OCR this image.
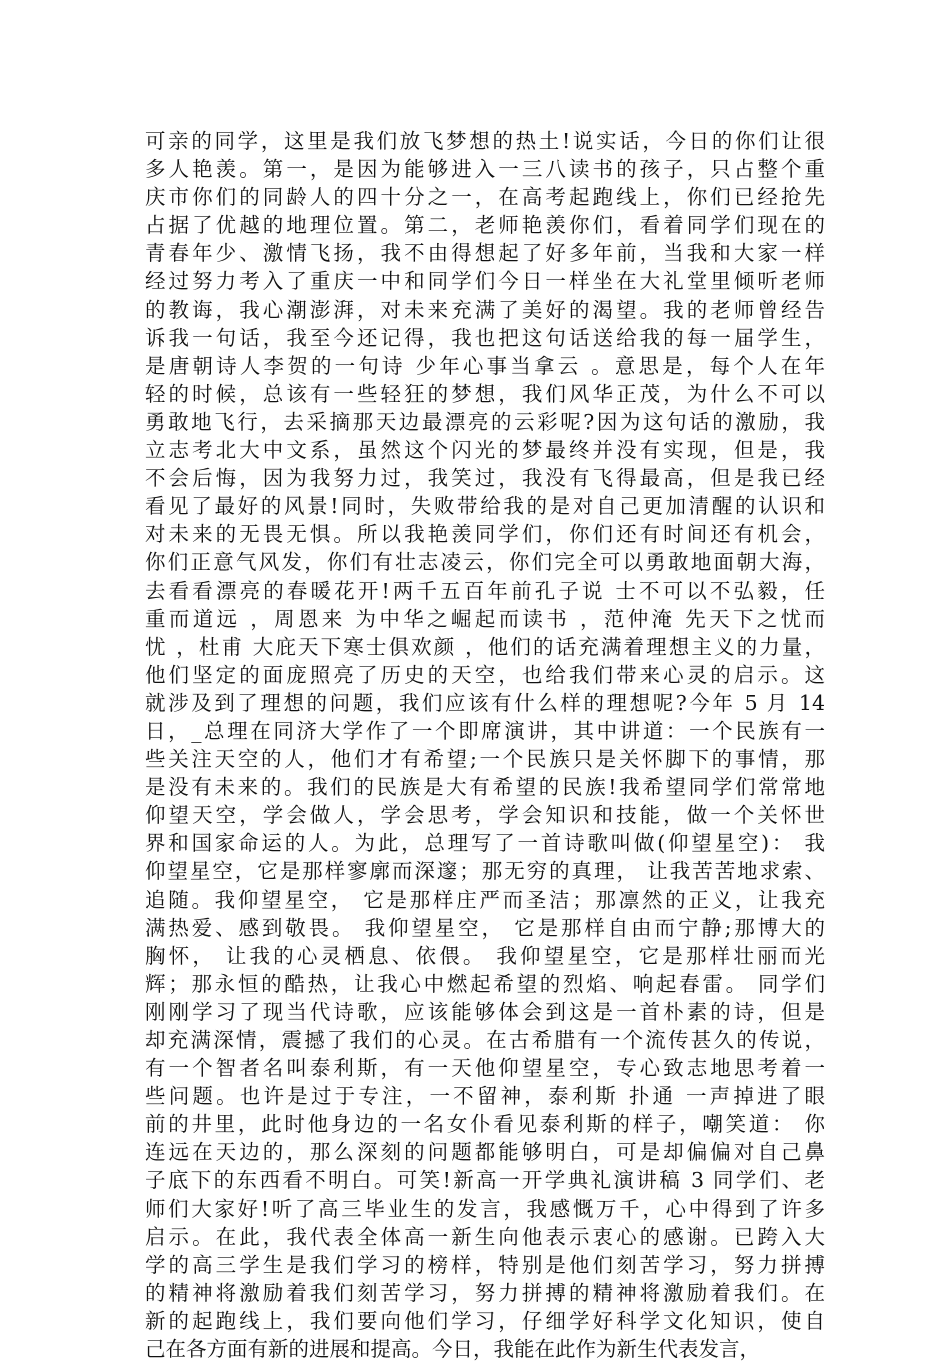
可亲的同学，这里是我们放飞梦想的热土!说实话，今日的你们让很
多人艳羡。第一，是因为能够进入一三八读书的孩子，只占整个重
庆市你们的同龄人的四十分之一，在高考起跑线上，你们已经抢先
占据了优越的地理位置。第二，老师艳羡你们，看着同学们现在的
青春年少、激情飞扬，我不由得想起了好多年前，当我和大家一样
经过努力考入了重庆一中和同学们今日一样坐在大礼堂里倾听老师
的教诲，我心潮澎湃，对未来充满了美好的渴望。我的老师曾经告
诉我一句话，我至今还记得，我也把这句话送给我的每一届学生，
是唐朝诗人李贺的一句诗 少年心事当拿云 。意思是，每个人在年
轻的时候，总该有一些轻狂的梦想，我们风华正茂，为什么不可以
勇敢地飞行，去采摘那天边最漂亮的云彩呢?因为这句话的激励，我
立志考北大中文系，虽然这个闪光的梦最终并没有实现，但是，我
不会后悔，因为我努力过，我笑过，我没有飞得最高，但是我已经
看见了最好的风景!同时，失败带给我的是对自己更加清醒的认识和
对未来的无畏无惧。所以我艳羡同学们，你们还有时间还有机会，
你们正意气风发，你们有壮志凌云，你们完全可以勇敢地面朝大海，
去看看漂亮的春暖花开!两千五百年前孔子说 士不可以不弘毅，任
重而道远 ，周恩来 为中华之崛起而读书 ，范仲淹 先天下之忧而
忧 ，杜甫 大庇天下寒士俱欢颜 ，他们的话充满着理想主义的力量，
他们坚定的面庞照亮了历史的天空，也给我们带来心灵的启示。这
就涉及到了理想的问题，我们应该有什么样的理想呢?今年 5 月 14
日，_总理在同济大学作了一个即席演讲，其中讲道：一个民族有一
些关注天空的人，他们才有希望;一个民族只是关怀脚下的事情，那
是没有未来的。我们的民族是大有希望的民族!我希望同学们常常地
仰望天空，学会做人，学会思考，学会知识和技能，做一个关怀世
界和国家命运的人。为此，总理写了一首诗歌叫做(仰望星空)： 我
仰望星空，它是那样寥廓而深邃；那无穷的真理， 让我苦苦地求索、
追随。我仰望星空， 它是那样庄严而圣洁；那凛然的正义，让我充
满热爱、感到敬畏。 我仰望星空， 它是那样自由而宁静;那博大的
胸怀， 让我的心灵栖息、依偎。 我仰望星空，它是那样壮丽而光
辉；那永恒的酷热，让我心中燃起希望的烈焰、响起春雷。 同学们
刚刚学习了现当代诗歌，应该能够体会到这是一首朴素的诗，但是
却充满深情，震撼了我们的心灵。在古希腊有一个流传甚久的传说，
有一个智者名叫泰利斯，有一天他仰望星空，专心致志地思考着一
些问题。也许是过于专注，一不留神，泰利斯 扑通 一声掉进了眼
前的井里，此时他身边的一名女仆看见泰利斯的样子，嘲笑道： 你
连远在天边的，那么深刻的问题都能够明白，可是却偏偏对自己鼻
子底下的东西看不明白。可笑!新高一开学典礼演讲稿 3 同学们、老
师们大家好!听了高三毕业生的发言，我感慨万千，心中得到了许多
启示。在此，我代表全体高一新生向他表示衷心的感谢。已跨入大
学的高三学生是我们学习的榜样，特别是他们刻苦学习，努力拼搏
的精神将激励着我们刻苦学习，努力拼搏的精神将激励着我们。在
新的起跑线上，我们要向他们学习，仔细学好科学文化知识，使自
己在各方面有新的进展和提高。今日，我能在此作为新生代表发言，
